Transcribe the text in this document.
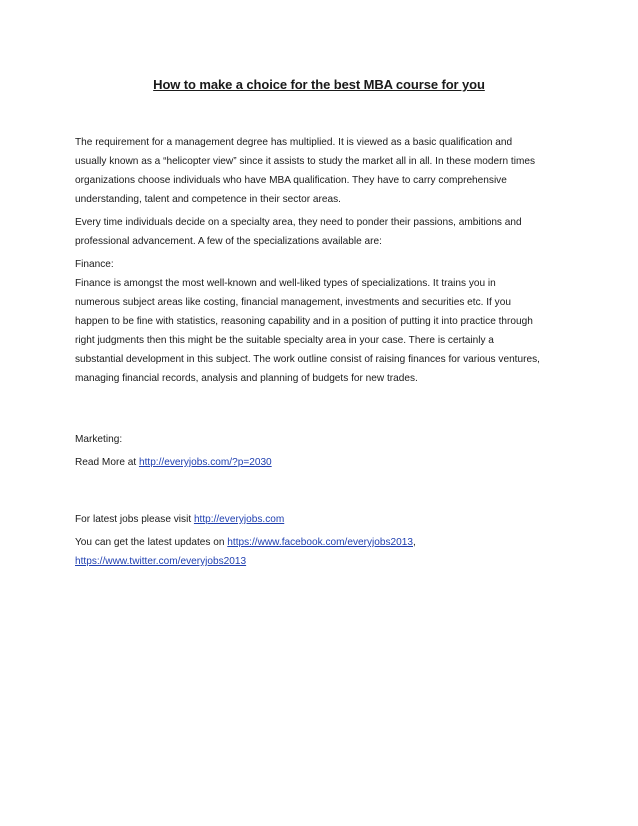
How to make a choice for the best MBA course for you

The requirement for a management degree has multiplied. It is viewed as a basic qualification and

usually known as a “helicopter view” since it assists to study the market all in all. In these modern times

organizations choose individuals who have MBA qualification. They have to carry comprehensive

understanding, talent and competence in their sector areas.

Every time individuals decide on a specialty area, they need to ponder their passions, ambitions and

professional advancement. A few of the specializations available are:

Finance:

Finance is amongst the most well-known and well-liked types of specializations. It trains you in

numerous subject areas like costing, financial management, investments and securities etc. If you

happen to be fine with statistics, reasoning capability and in a position of putting it into practice through

right judgments then this might be the suitable specialty area in your case. There is certainly a

substantial development in this subject. The work outline consist of raising finances for various ventures,

managing financial records, analysis and planning of budgets for new trades.

Marketing:

Read More at http://everyjobs.com/?p=2030

For latest jobs please visit http://everyjobs.com

You can get the latest updates on https://www.facebook.com/everyjobs2013,

https://www.twitter.com/everyjobs2013
